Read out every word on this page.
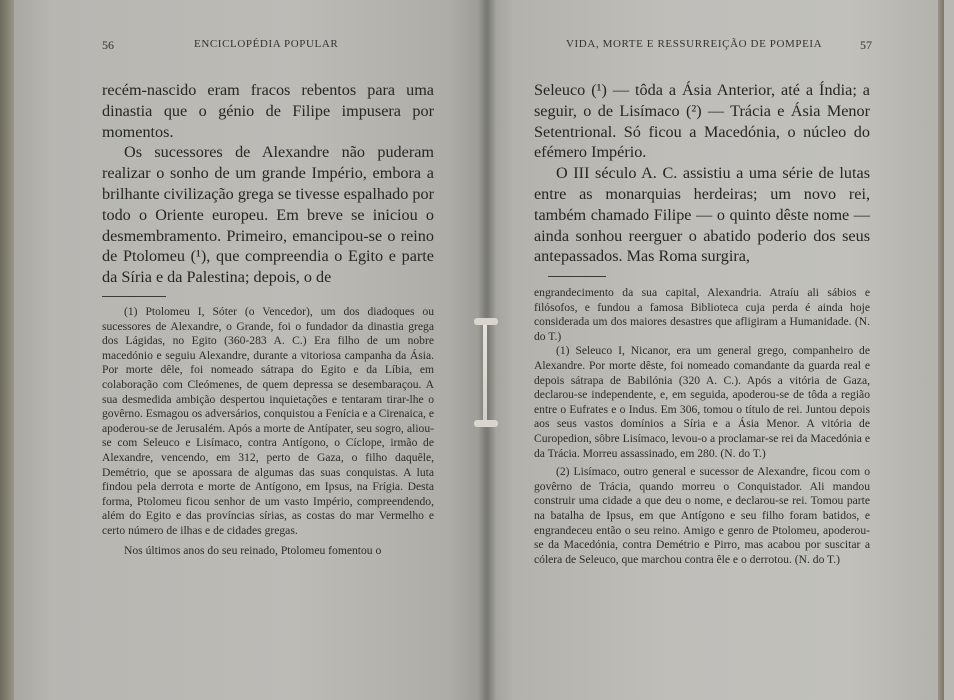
56	ENCICLOPÉDIA POPULAR

recém-nascido eram fracos rebentos para uma dinastia que o génio de Filipe impusera por momentos.

Os sucessores de Alexandre não puderam realizar o sonho de um grande Império, embora a brilhante civilização grega se tivesse espalhado por todo o Oriente europeu. Em breve se iniciou o desmembramento. Primeiro, emancipou-se o reino de Ptolomeu (¹), que compreendia o Egito e parte da Síria e da Palestina; depois, o de

(1) Ptolomeu I, Sóter (o Vencedor), um dos diadoques ou sucessores de Alexandre, o Grande, foi o fundador da dinastia grega dos Lágidas, no Egito (360-283 A. C.) Era filho de um nobre macedónio e seguiu Alexandre, durante a vitoriosa campanha da Ásia. Por morte dêle, foi nomeado sátrapa do Egito e da Líbia, em colaboração com Cleómenes, de quem depressa se desembaraçou. A sua desmedida ambição despertou inquietações e tentaram tirar-lhe o govêrno. Esmagou os adversários, conquistou a Fenícia e a Cirenaica, e apoderou-se de Jerusalém. Após a morte de Antípater, seu sogro, aliou-se com Seleuco e Lisímaco, contra Antígono, o Cíclope, irmão de Alexandre, vencendo, em 312, perto de Gaza, o filho daquêle, Demétrio, que se apossara de algumas das suas conquistas. A luta findou pela derrota e morte de Antígono, em Ipsus, na Frígia. Desta forma, Ptolomeu ficou senhor de um vasto Império, compreendendo, além do Egito e das províncias sírias, as costas do mar Vermelho e certo número de ilhas e de cidades gregas.

Nos últimos anos do seu reinado, Ptolomeu fomentou o

VIDA, MORTE E RESSURREIÇÃO DE POMPEIA	57

Seleuco (¹) — tôda a Ásia Anterior, até a Índia; a seguir, o de Lisímaco (²) — Trácia e Ásia Menor Setentrional. Só ficou a Macedónia, o núcleo do efémero Império.

O III século A. C. assistiu a uma série de lutas entre as monarquias herdeiras; um novo rei, também chamado Filipe — o quinto dêste nome — ainda sonhou reerguer o abatido poderio dos seus antepassados. Mas Roma surgira,

engrandecimento da sua capital, Alexandria. Atraíu ali sábios e filósofos, e fundou a famosa Biblioteca cuja perda é ainda hoje considerada um dos maiores desastres que afligiram a Humanidade. (N. do T.)

(1) Seleuco I, Nicanor, era um general grego, companheiro de Alexandre. Por morte dêste, foi nomeado comandante da guarda real e depois sátrapa de Babilónia (320 A. C.). Após a vitória de Gaza, declarou-se independente, e, em seguida, apoderou-se de tôda a região entre o Eufrates e o Indus. Em 306, tomou o título de rei. Juntou depois aos seus vastos domínios a Síria e a Ásia Menor. A vitória de Curopedion, sôbre Lisímaco, levou-o a proclamar-se rei da Macedónia e da Trácia. Morreu assassinado, em 280. (N. do T.)

(2) Lisímaco, outro general e sucessor de Alexandre, ficou com o govêrno de Trácia, quando morreu o Conquistador. Ali mandou construir uma cidade a que deu o nome, e declarou-se rei. Tomou parte na batalha de Ipsus, em que Antígono e seu filho foram batidos, e engrandeceu então o seu reino. Amigo e genro de Ptolomeu, apoderou-se da Macedónia, contra Demétrio e Pirro, mas acabou por suscitar a cólera de Seleuco, que marchou contra êle e o derrotou. (N. do T.)
